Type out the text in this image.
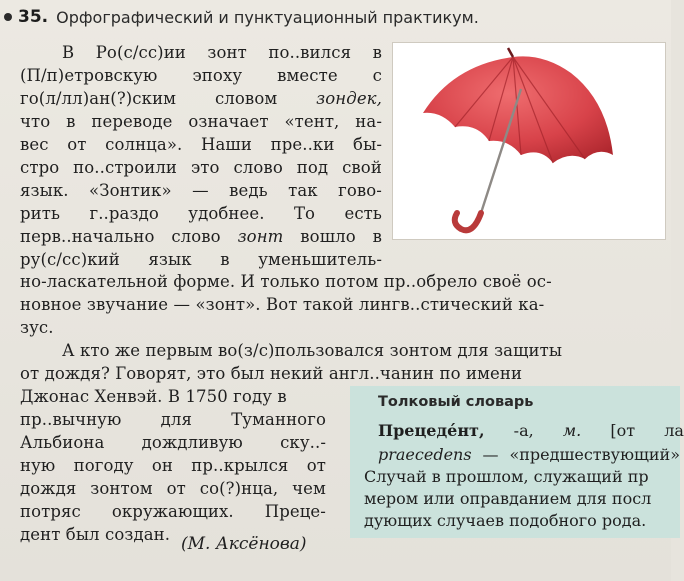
35. Орфографический и пунктуационный практикум.
В Ро(с/сс)ии зонт по..вился в
(П/п)етровскую эпоху вместе с
го(л/лл)ан(?)ским словом зондек,
что в переводе означает «тент, на-
вес от солнца». Наши пре..ки бы-
стро по..строили это слово под свой
язык. «Зонтик» — ведь так гово-
рить г..раздо удобнее. То есть
перв..начально слово зонт вошло в
ру(с/сс)кий язык в уменьшитель-
но-ласкательной форме. И только потом пр..обрело своё ос-
новное звучание — «зонт». Вот такой лингв..стический ка-
зус.
А кто же первым во(з/с)пользовался зонтом для защиты
от дождя? Говорят, это был некий англ..чанин по имени
Джонас Хенвэй. В 1750 году в
пр..вычную для Туманного
Альбиона дождливую ску..-
ную погоду он пр..крылся от
дождя зонтом от со(?)нца, чем
потряс окружающих. Преце-
дент был создан.
Толковый словарь
Прецеде́нт, -а, м. [от ла
praecedens — «предшествующий»
Случай в прошлом, служащий пр
мером или оправданием для посл
дующих случаев подобного рода.
(М. Аксёнова)
